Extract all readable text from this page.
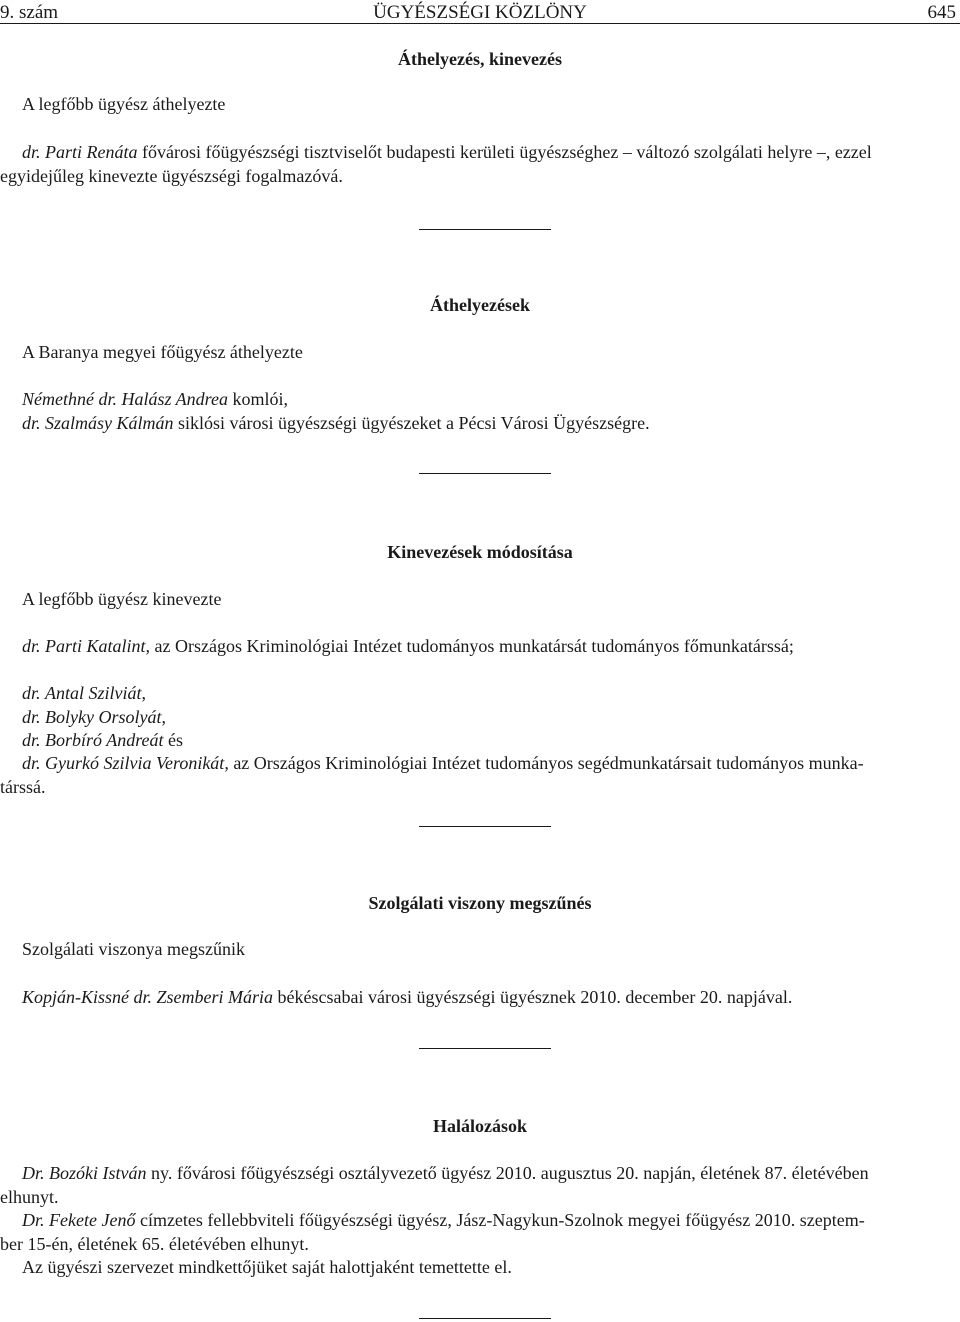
9. szám	ÜGYÉSZSÉGI KÖZLÖNY	645
Áthelyezés, kinevezés
A legfőbb ügyész áthelyezte
dr. Parti Renáta fővárosi főügyészségi tisztviselőt budapesti kerületi ügyészséghez – változó szolgálati helyre –, ezzel
egyidejűleg kinevezte ügyészségi fogalmazóvá.
Áthelyezések
A Baranya megyei főügyész áthelyezte
Némethné dr. Halász Andrea komlói,
dr. Szalmásy Kálmán siklósi városi ügyészségi ügyészeket a Pécsi Városi Ügyészségre.
Kinevezések módosítása
A legfőbb ügyész kinevezte
dr. Parti Katalint, az Országos Kriminológiai Intézet tudományos munkatársát tudományos főmunkatárssá;
dr. Antal Szilviát,
dr. Bolyky Orsolyát,
dr. Borbíró Andreát és
dr. Gyurkó Szilvia Veronikát, az Országos Kriminológiai Intézet tudományos segédmunkatársait tudományos munka-
társsá.
Szolgálati viszony megszűnés
Szolgálati viszonya megszűnik
Kopján-Kissné dr. Zsemberi Mária békéscsabai városi ügyészségi ügyésznek 2010. december 20. napjával.
Halálozások
Dr. Bozóki István ny. fővárosi főügyészségi osztályvezető ügyész 2010. augusztus 20. napján, életének 87. életévében
elhunyt.
Dr. Fekete Jenő címzetes fellebbviteli főügyészségi ügyész, Jász-Nagykun-Szolnok megyei főügyész 2010. szeptem-
ber 15-én, életének 65. életévében elhunyt.
Az ügyészi szervezet mindkettőjüket saját halottjaként temettette el.
